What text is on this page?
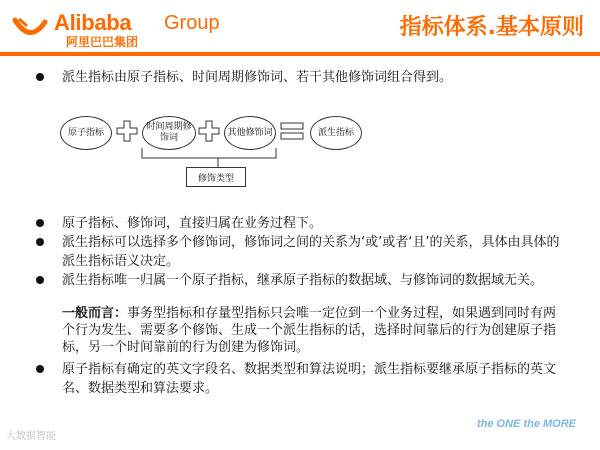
Alibaba Group
阿里巴巴集团
指标体系.基本原则
派生指标由原子指标、时间周期修饰词、若干其他修饰词组合得到。
原子指标
时间周期修饰词
其他修饰词	派生指标
修饰类型
原子指标、修饰词，直接归属在业务过程下。
派生指标可以选择多个修饰词，修饰词之间的关系为‘或’或者‘且’的关系，具体由具体的派生指标语义决定。
派生指标唯一归属一个原子指标，继承原子指标的数据域、与修饰词的数据域无关。
一般而言：事务型指标和存量型指标只会唯一定位到一个业务过程，如果遇到同时有两个行为发生、需要多个修饰、生成一个派生指标的话，选择时间靠后的行为创建原子指标，另一个时间靠前的行为创建为修饰词。
原子指标有确定的英文字段名、数据类型和算法说明；派生指标要继承原子指标的英文名、数据类型和算法要求。
大数据智能
the ONE the MORE
